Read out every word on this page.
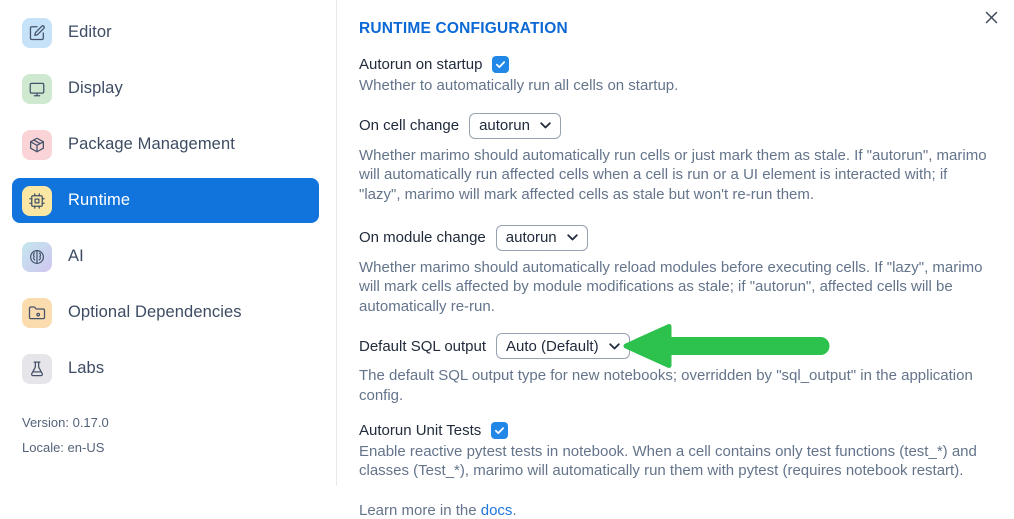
Editor
Display
Package Management
Runtime
AI
Optional Dependencies
Labs
Version: 0.17.0
Locale: en-US
RUNTIME CONFIGURATION
Autorun on startup
Whether to automatically run all cells on startup.
On cell change autorun
Whether marimo should automatically run cells or just mark them as stale. If "autorun", marimo will automatically run affected cells when a cell is run or a UI element is interacted with; if "lazy", marimo will mark affected cells as stale but won't re-run them.
On module change autorun
Whether marimo should automatically reload modules before executing cells. If "lazy", marimo will mark cells affected by module modifications as stale; if "autorun", affected cells will be automatically re-run.
Default SQL output Auto (Default)
The default SQL output type for new notebooks; overridden by "sql_output" in the application config.
Autorun Unit Tests
Enable reactive pytest tests in notebook. When a cell contains only test functions (test_*) and classes (Test_*), marimo will automatically run them with pytest (requires notebook restart).
Learn more in the docs.
